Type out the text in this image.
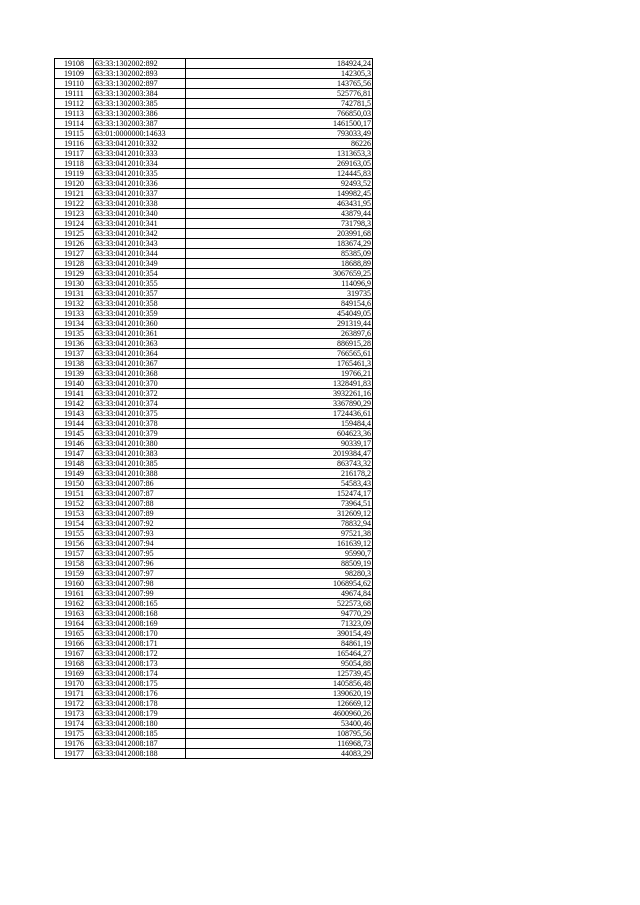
19108	63:33:1302002:892	184924,24
19109	63:33:1302002:893	142305,3
19110	63:33:1302002:897	143765,56
19111	63:33:1302003:384	525776,81
19112	63:33:1302003:385	742781,5
19113	63:33:1302003:386	766850,03
19114	63:33:1302003:387	1461500,17
19115	63:01:0000000:14633	793033,49
19116	63:33:0412010:332	86226
19117	63:33:0412010:333	1313653,3
19118	63:33:0412010:334	269163,05
19119	63:33:0412010:335	124445,83
19120	63:33:0412010:336	92493,52
19121	63:33:0412010:337	149982,45
19122	63:33:0412010:338	463431,95
19123	63:33:0412010:340	43879,44
19124	63:33:0412010:341	731798,3
19125	63:33:0412010:342	203991,68
19126	63:33:0412010:343	183674,29
19127	63:33:0412010:344	85385,09
19128	63:33:0412010:349	18688,89
19129	63:33:0412010:354	3067659,25
19130	63:33:0412010:355	114096,9
19131	63:33:0412010:357	319735
19132	63:33:0412010:358	849154,6
19133	63:33:0412010:359	454049,05
19134	63:33:0412010:360	291319,44
19135	63:33:0412010:361	263897,6
19136	63:33:0412010:363	886915,28
19137	63:33:0412010:364	766565,61
19138	63:33:0412010:367	1765461,3
19139	63:33:0412010:368	19766,21
19140	63:33:0412010:370	1328491,83
19141	63:33:0412010:372	3932261,16
19142	63:33:0412010:374	3367890,29
19143	63:33:0412010:375	1724436,61
19144	63:33:0412010:378	159484,4
19145	63:33:0412010:379	604623,36
19146	63:33:0412010:380	90339,17
19147	63:33:0412010:383	2019384,47
19148	63:33:0412010:385	863743,32
19149	63:33:0412010:388	216178,2
19150	63:33:0412007:86	54583,43
19151	63:33:0412007:87	152474,17
19152	63:33:0412007:88	73964,51
19153	63:33:0412007:89	312609,12
19154	63:33:0412007:92	78832,94
19155	63:33:0412007:93	97521,38
19156	63:33:0412007:94	161639,12
19157	63:33:0412007:95	95990,7
19158	63:33:0412007:96	88509,19
19159	63:33:0412007:97	98280,3
19160	63:33:0412007:98	1068954,62
19161	63:33:0412007:99	49674,84
19162	63:33:0412008:165	522573,68
19163	63:33:0412008:168	94770,29
19164	63:33:0412008:169	71323,09
19165	63:33:0412008:170	390154,49
19166	63:33:0412008:171	84861,19
19167	63:33:0412008:172	165464,27
19168	63:33:0412008:173	95054,88
19169	63:33:0412008:174	125739,45
19170	63:33:0412008:175	1405856,48
19171	63:33:0412008:176	1390620,19
19172	63:33:0412008:178	126669,12
19173	63:33:0412008:179	4600960,26
19174	63:33:0412008:180	53400,46
19175	63:33:0412008:185	108795,56
19176	63:33:0412008:187	116968,73
19177	63:33:0412008:188	44083,29
